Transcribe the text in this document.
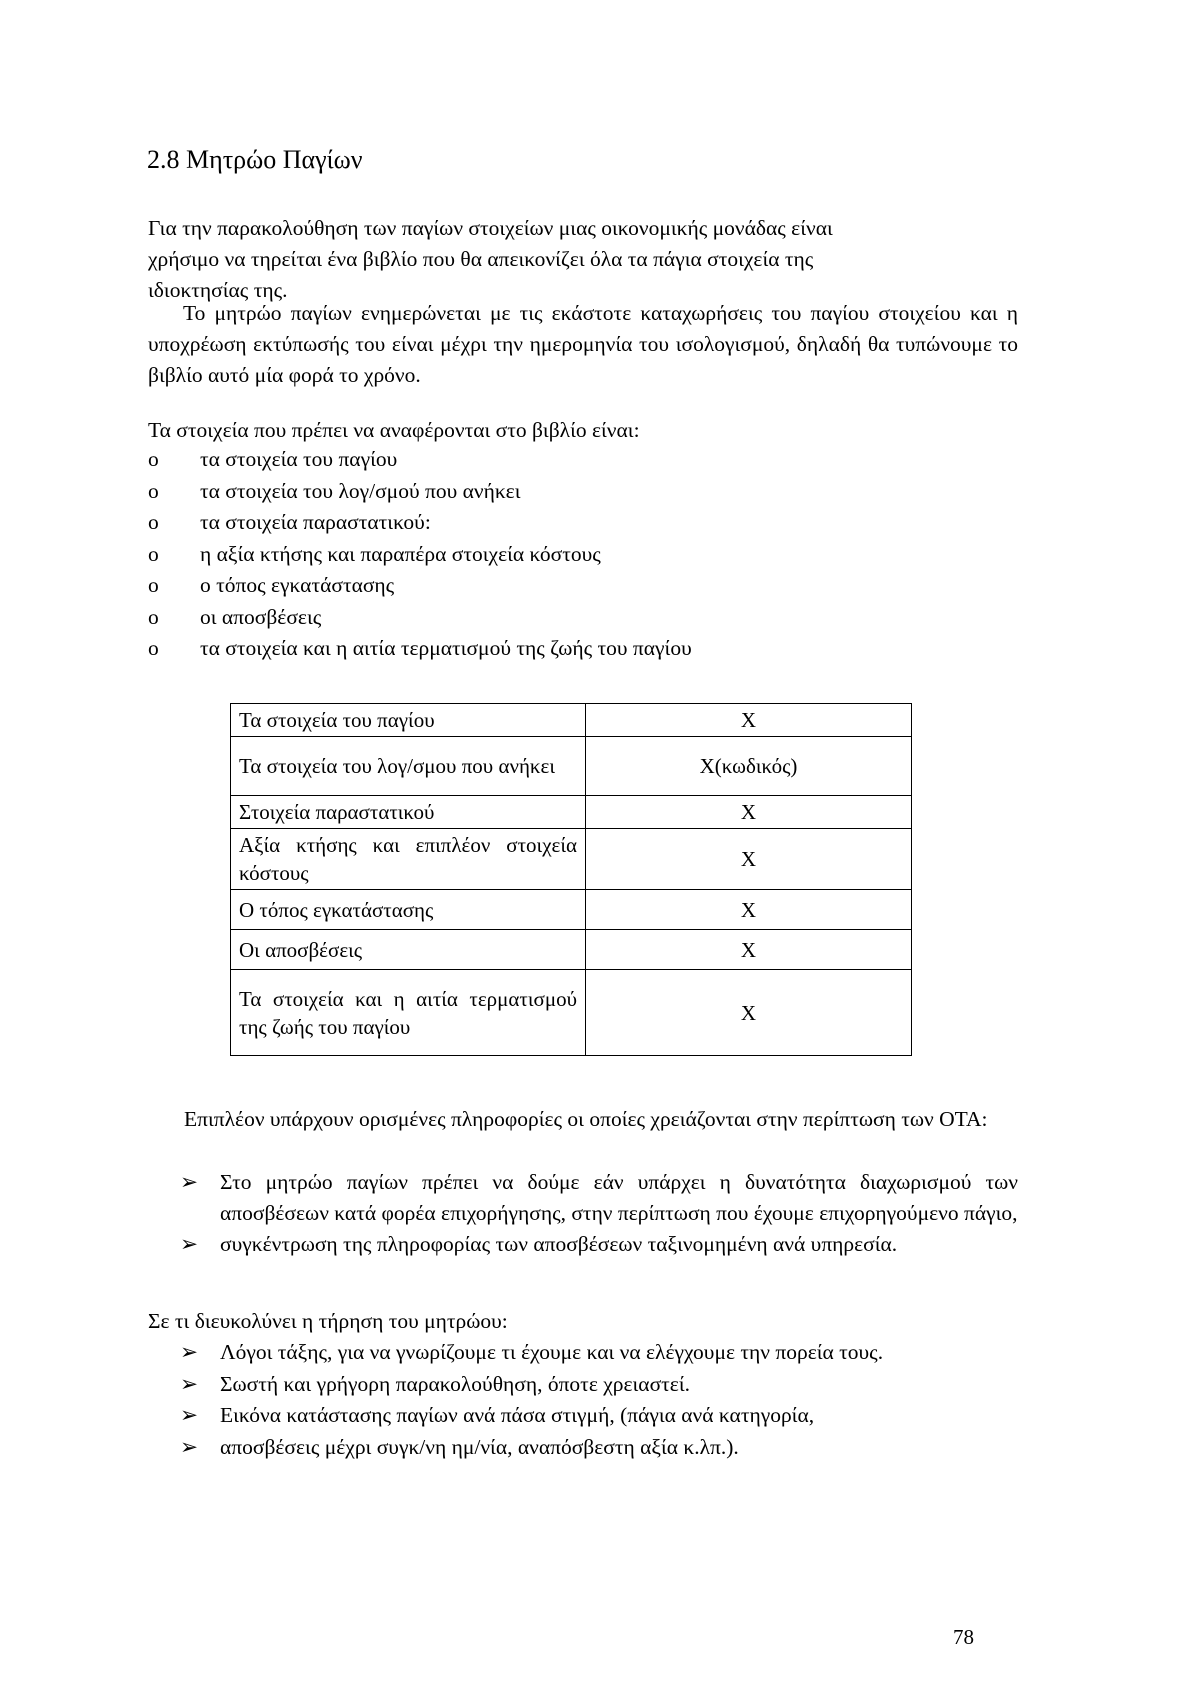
2.8 Μητρώο Παγίων

Για την παρακολούθηση των παγίων στοιχείων μιας οικονομικής μονάδας είναι
χρήσιμο να τηρείται ένα βιβλίο που θα απεικονίζει όλα τα πάγια στοιχεία της

ιδιοκτησίας της.

Το μητρώο παγίων ενημερώνεται με τις εκάστοτε καταχωρήσεις του παγίου στοιχείου και η υποχρέωση εκτύπωσής του είναι μέχρι την ημερομηνία του ισολογισμού, δηλαδή θα τυπώνουμε το βιβλίο αυτό μία φορά το χρόνο.

Τα στοιχεία που πρέπει να αναφέρονται στο βιβλίο είναι:

o τα στοιχεία του παγίου
o τα στοιχεία του λογ/σμού που ανήκει
o τα στοιχεία παραστατικού:
o η αξία κτήσης και παραπέρα στοιχεία κόστους
o ο τόπος εγκατάστασης
o οι αποσβέσεις
o τα στοιχεία και η αιτία τερματισμού της ζωής του παγίου
Τα στοιχεία του παγίου	X
Τα στοιχεία του λογ/σμου που ανήκει	X(κωδικός)
Στοιχεία παραστατικού	X
Αξία κτήσης και επιπλέον στοιχεία κόστους	X
Ο τόπος εγκατάστασης	X
Οι αποσβέσεις	X
Τα στοιχεία και η αιτία τερματισμού της ζωής του παγίου	X

Επιπλέον υπάρχουν ορισμένες πληροφορίες οι οποίες χρειάζονται στην περίπτωση των ΟΤΑ:

➢ Στο μητρώο παγίων πρέπει να δούμε εάν υπάρχει η δυνατότητα διαχωρισμού των αποσβέσεων κατά φορέα επιχορήγησης, στην περίπτωση που έχουμε επιχορηγούμενο πάγιο,
➢ συγκέντρωση της πληροφορίας των αποσβέσεων ταξινομημένη ανά υπηρεσία.

Σε τι διευκολύνει η τήρηση του μητρώου:

➢ Λόγοι τάξης, για να γνωρίζουμε τι έχουμε και να ελέγχουμε την πορεία τους.
➢ Σωστή και γρήγορη παρακολούθηση, όποτε χρειαστεί.
➢ Εικόνα κατάστασης παγίων ανά πάσα στιγμή, (πάγια ανά κατηγορία,
➢ αποσβέσεις μέχρι συγκ/νη ημ/νία, αναπόσβεστη αξία κ.λπ.).
78
